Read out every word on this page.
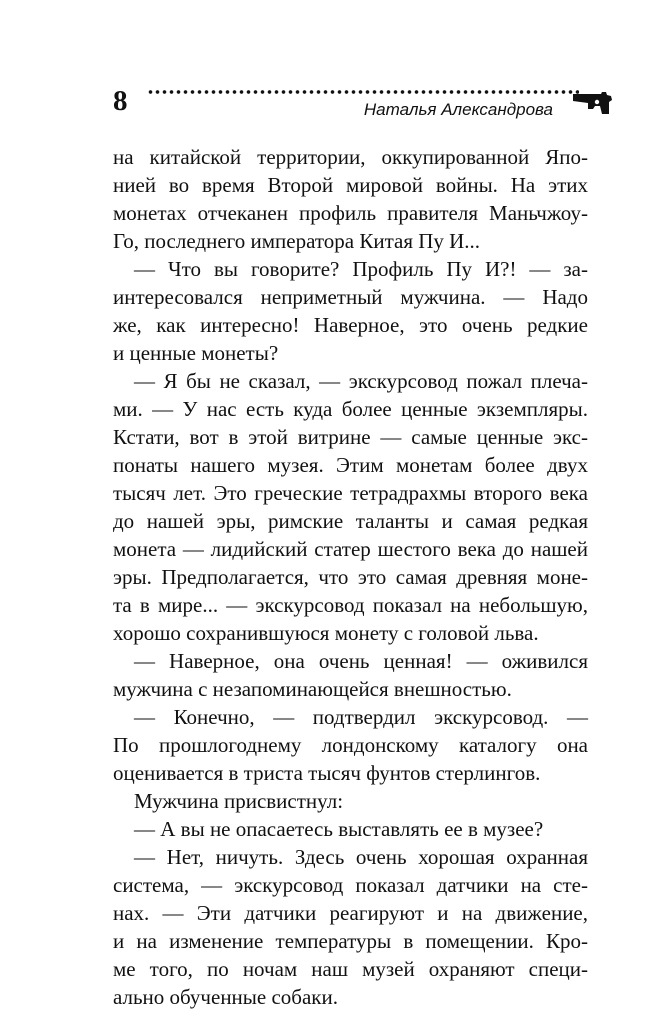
8	Наталья Александрова
на китайской территории, оккупированной Япо-
нией во время Второй мировой войны. На этих
монетах отчеканен профиль правителя Маньчжоу-
Го, последнего императора Китая Пу И...
— Что вы говорите? Профиль Пу И?! — за-
интересовался неприметный мужчина. — Надо
же, как интересно! Наверное, это очень редкие
и ценные монеты?
— Я бы не сказал, — экскурсовод пожал плеча-
ми. — У нас есть куда более ценные экземпляры.
Кстати, вот в этой витрине — самые ценные экс-
понаты нашего музея. Этим монетам более двух
тысяч лет. Это греческие тетрадрахмы второго века
до нашей эры, римские таланты и самая редкая
монета — лидийский статер шестого века до нашей
эры. Предполагается, что это самая древняя моне-
та в мире... — экскурсовод показал на небольшую,
хорошо сохранившуюся монету с головой льва.
— Наверное, она очень ценная! — оживился
мужчина с незапоминающейся внешностью.
— Конечно, — подтвердил экскурсовод. —
По прошлогоднему лондонскому каталогу она
оценивается в триста тысяч фунтов стерлингов.
Мужчина присвистнул:
— А вы не опасаетесь выставлять ее в музее?
— Нет, ничуть. Здесь очень хорошая охранная
система, — экскурсовод показал датчики на сте-
нах. — Эти датчики реагируют и на движение,
и на изменение температуры в помещении. Кро-
ме того, по ночам наш музей охраняют специ-
ально обученные собаки.
